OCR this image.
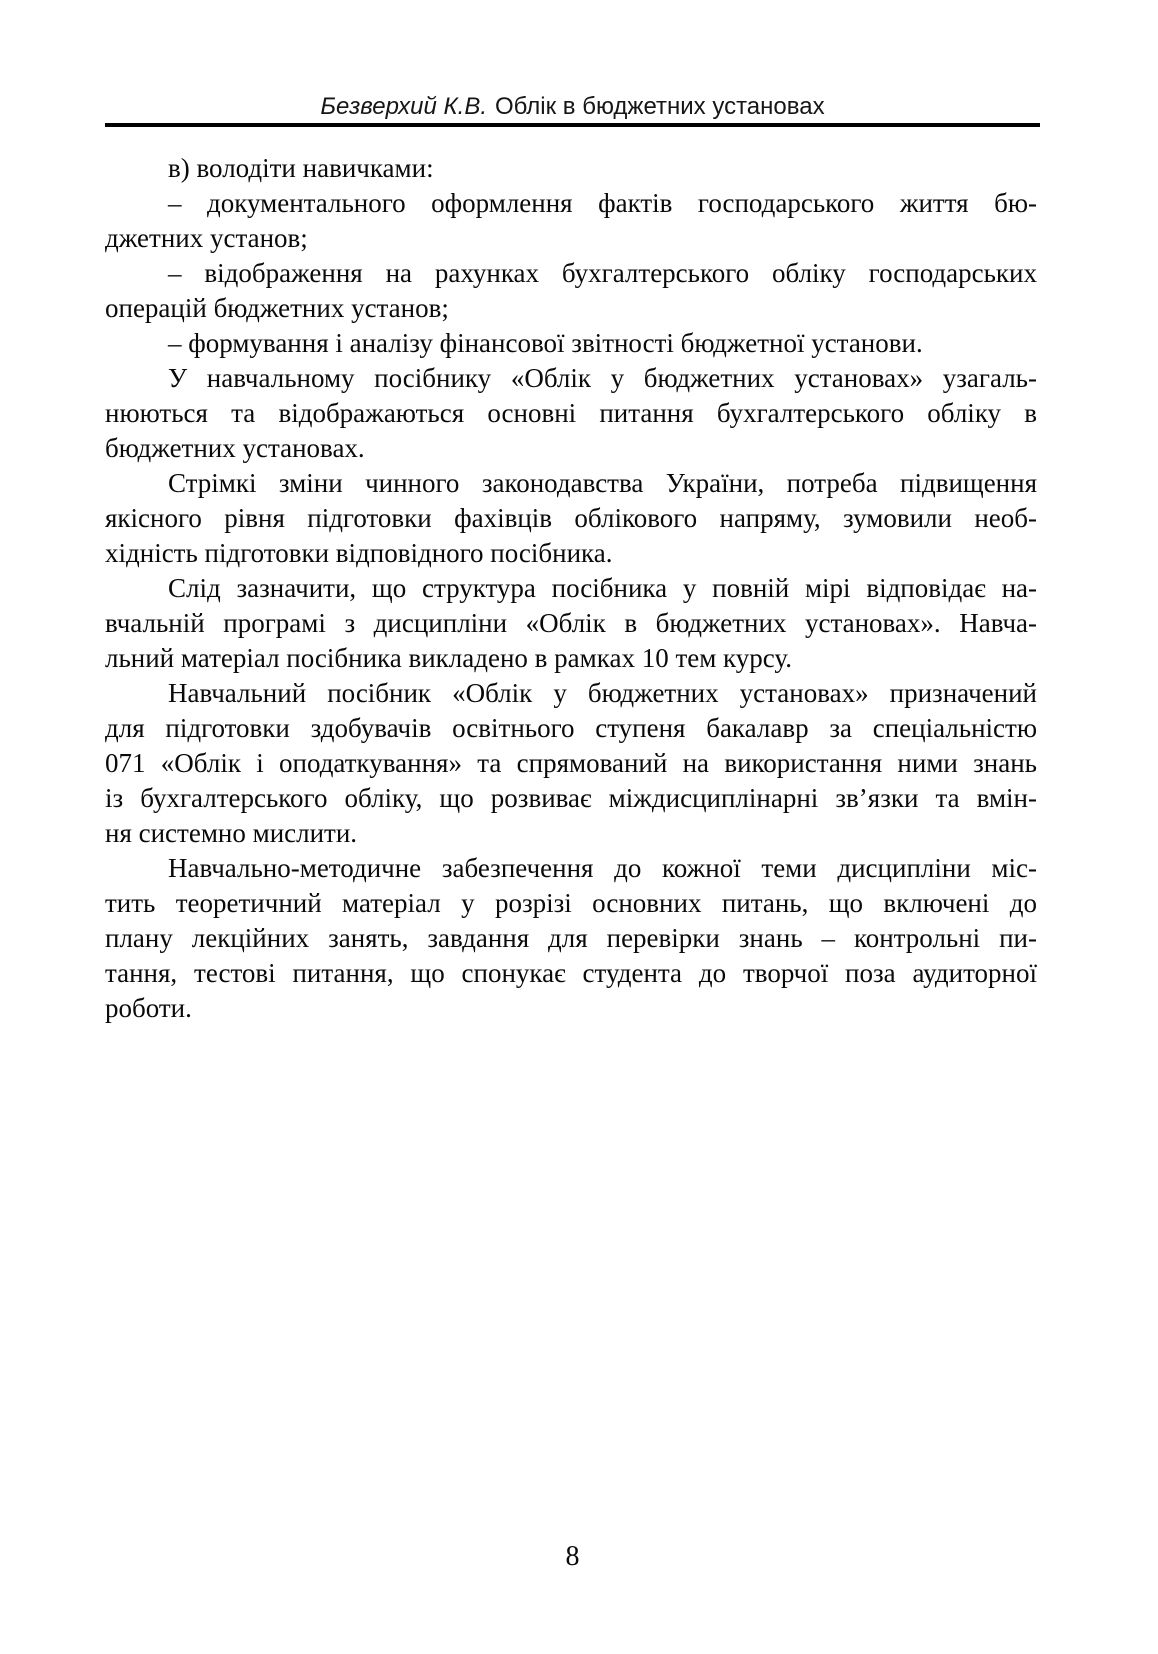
Безверхий К.В. Облік в бюджетних установах
в) володіти навичками:
– документального оформлення фактів господарського життя бю-
джетних установ;
– відображення на рахунках бухгалтерського обліку господарських
операцій бюджетних установ;
– формування і аналізу фінансової звітності бюджетної установи.
У навчальному посібнику «Облік у бюджетних установах» узагаль-
нюються та відображаються основні питання бухгалтерського обліку в
бюджетних установах.
Стрімкі зміни чинного законодавства України, потреба підвищення
якісного рівня підготовки фахівців облікового напряму, зумовили необ-
хідність підготовки відповідного посібника.
Слід зазначити, що структура посібника у повній мірі відповідає на-
вчальній програмі з дисципліни «Облік в бюджетних установах». Навча-
льний матеріал посібника викладено в рамках 10 тем курсу.
Навчальний посібник «Облік у бюджетних установах» призначений
для підготовки здобувачів освітнього ступеня бакалавр за спеціальністю
071 «Облік і оподаткування» та спрямований на використання ними знань
із бухгалтерського обліку, що розвиває міждисциплінарні зв’язки та вмін-
ня системно мислити.
Навчально-методичне забезпечення до кожної теми дисципліни міс-
тить теоретичний матеріал у розрізі основних питань, що включені до
плану лекційних занять, завдання для перевірки знань – контрольні пи-
тання, тестові питання, що спонукає студента до творчої поза аудиторної
роботи.
8
